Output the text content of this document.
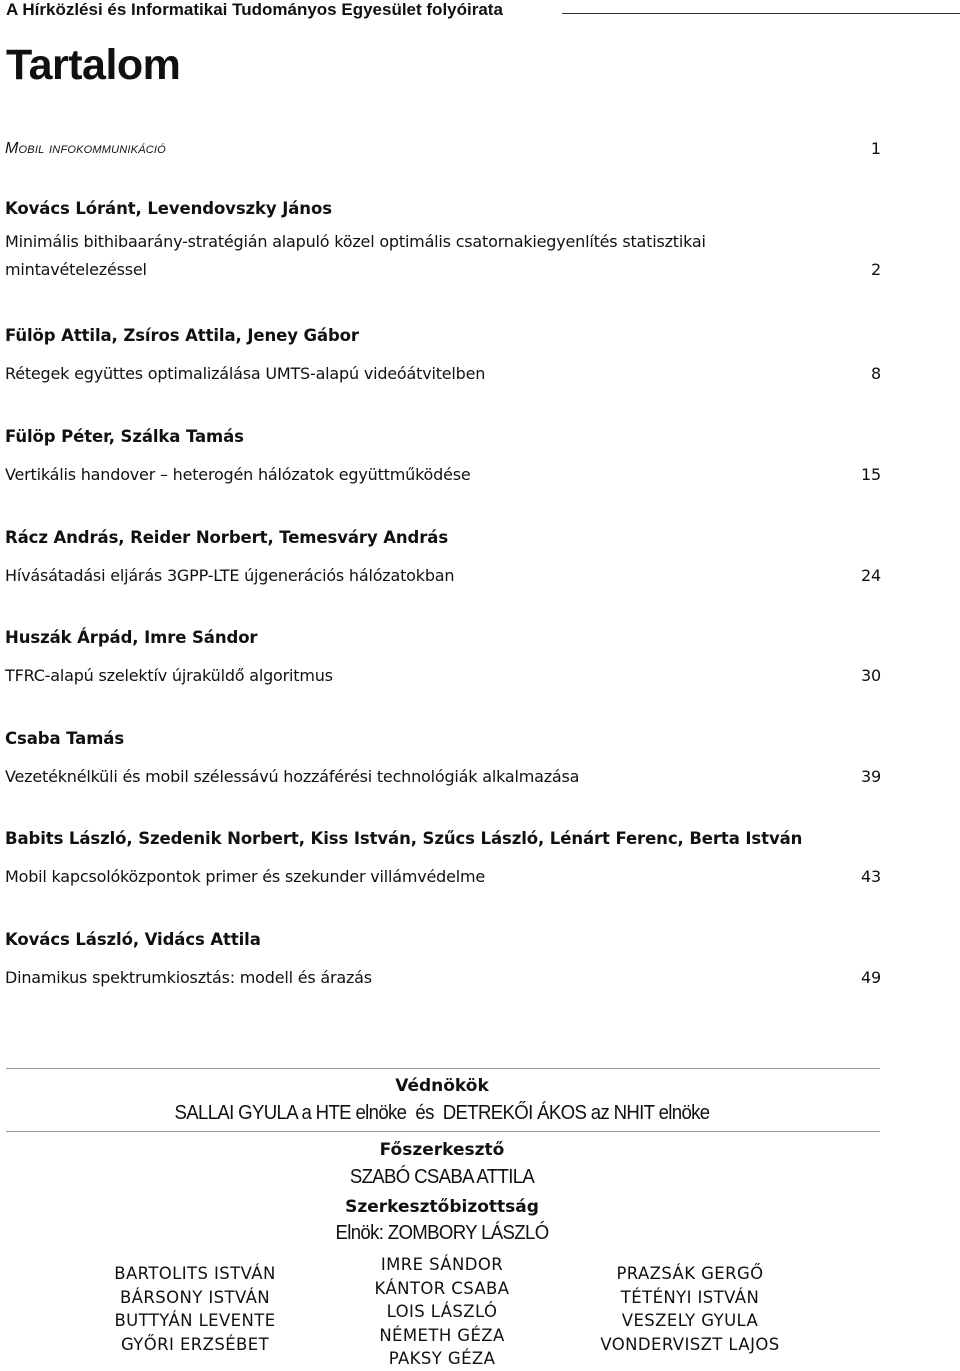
A Hírközlési és Informatikai Tudományos Egyesület folyóirata
Tartalom
Mobil infokommunikáció	1
Kovács Lóránt, Levendovszky János
Minimális bithibaarány-stratégián alapuló közel optimális csatornakiegyenlítés statisztikai mintavételezéssel	2
Fülöp Attila, Zsíros Attila, Jeney Gábor
Rétegek együttes optimalizálása UMTS-alapú videóátvitelben	8
Fülöp Péter, Szálka Tamás
Vertikális handover – heterogén hálózatok együttműködése	15
Rácz András, Reider Norbert, Temesváry András
Hívásátadási eljárás 3GPP-LTE újgenerációs hálózatokban	24
Huszák Árpád, Imre Sándor
TFRC-alapú szelektív újraküldő algoritmus	30
Csaba Tamás
Vezetéknélküli és mobil szélessávú hozzáférési technológiák alkalmazása	39
Babits László, Szedenik Norbert, Kiss István, Szűcs László, Lénárt Ferenc, Berta István
Mobil kapcsolóközpontok primer és szekunder villámvédelme	43
Kovács László, Vidács Attila
Dinamikus spektrumkiosztás: modell és árazás	49
Védnökök
SALLAI GYULA a HTE elnöke  és  DETREKŐI ÁKOS az NHIT elnöke
Főszerkesztő
SZABÓ CSABA ATTILA
Szerkesztőbizottság
Elnök: ZOMBORY LÁSZLÓ
BARTOLITS ISTVÁN
BÁRSONY ISTVÁN
BUTTYÁN LEVENTE
GYŐRI ERZSÉBET
IMRE SÁNDOR
KÁNTOR CSABA
LOIS LÁSZLÓ
NÉMETH GÉZA
PAKSY GÉZA
PRAZSÁK GERGŐ
TÉTÉNYI ISTVÁN
VESZELY GYULA
VONDERVISZT LAJOS
